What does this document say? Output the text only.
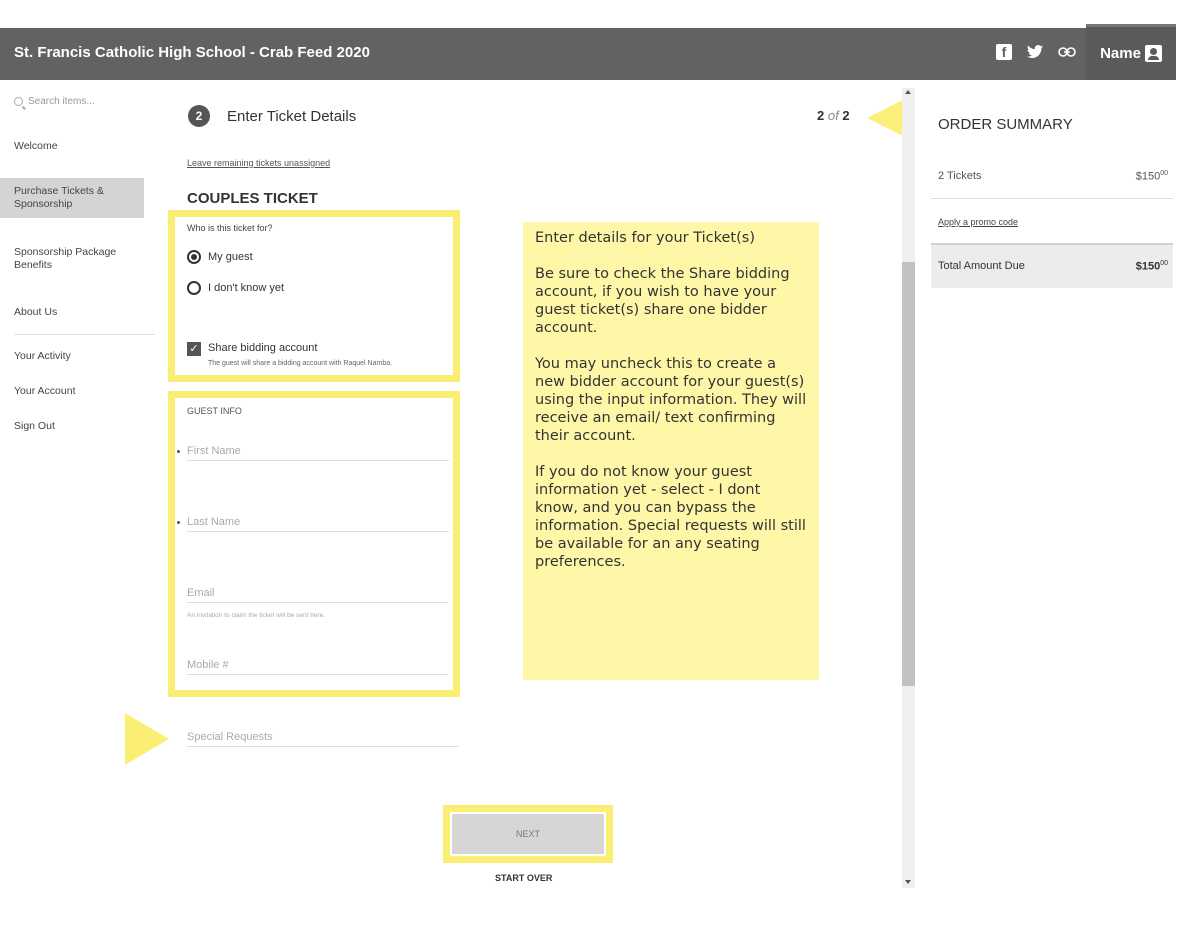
St. Francis Catholic High School - Crab Feed 2020	f	Name
Search items...
Welcome
Purchase Tickets & Sponsorship
Sponsorship Package Benefits
About Us
Your Activity
Your Account
Sign Out
2	Enter Ticket Details	2 of 2
Leave remaining tickets unassigned
COUPLES TICKET
Who is this ticket for?
My guest
I don't know yet
✓ Share bidding account
The guest will share a bidding account with Raquel Namba.
GUEST INFO
First Name
Last Name
Email
An invitation to claim the ticket will be sent here.
Mobile #
Special Requests
NEXT
START OVER

Enter details for your Ticket(s)

Be sure to check the Share bidding account, if you wish to have your guest ticket(s) share one bidder account.

You may uncheck this to create a new bidder account for your guest(s) using the input information. They will receive an email/ text confirming their account.

If you do not know your guest information yet - select - I dont know, and you can bypass the information. Special requests will still be available for an any seating preferences.

ORDER SUMMARY
2 Tickets	$\$150^{00}$
Apply a promo code
Total Amount Due	$\$150^{00}$
